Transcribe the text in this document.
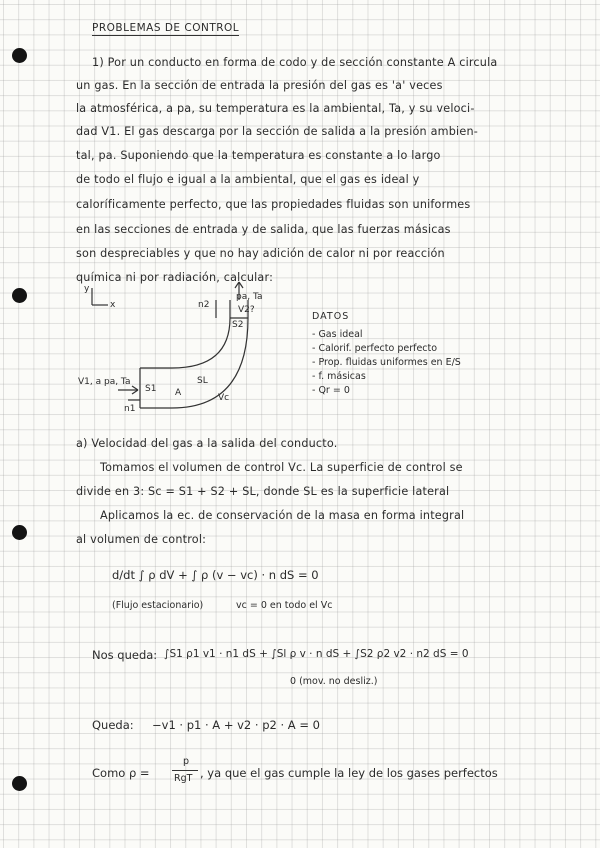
PROBLEMAS DE CONTROL
1) Por un conducto en forma de codo y de sección constante A circula
un gas. En la sección de entrada la presión del gas es 'a' veces
la atmosférica, a pa, su temperatura es la ambiental, Ta, y su veloci-
dad V1. El gas descarga por la sección de salida a la presión ambien-
tal, pa. Suponiendo que la temperatura es constante a lo largo
de todo el flujo e igual a la ambiental, que el gas es ideal y
caloríficamente perfecto, que las propiedades fluidas son uniformes
en las secciones de entrada y de salida, que las fuerzas másicas
son despreciables y que no hay adición de calor ni por reacción
química ni por radiación, calcular:
y
x
V1, a pa, Ta
pa, Ta
V2?
n2
n1
S1
S2
SL
A	Vc
DATOS
- Gas ideal
- Calorif. perfecto perfecto
- Prop. fluidas uniformes en E/S
- f. másicas
- Qr = 0
a) Velocidad del gas a la salida del conducto.
Tomamos el volumen de control Vc. La superficie de control se
divide en 3: Sc = S1 + S2 + SL, donde SL es la superficie lateral
Aplicamos la ec. de conservación de la masa en forma integral
al volumen de control:
d/dt ∫ ρ dV + ∫ ρ (v − vc) · n dS = 0
(Flujo estacionario)	vc = 0 en todo el Vc
Nos queda: ∫S1 ρ1 v1 · n1 dS + ∫Sl ρ v · n dS + ∫S2 ρ2 v2 · n2 dS = 0
0 (mov. no desliz.)
Queda: −v1 · p1 · A + v2 · p2 · A = 0
Como ρ =
p
RgT , ya que el gas cumple la ley de los gases perfectos
